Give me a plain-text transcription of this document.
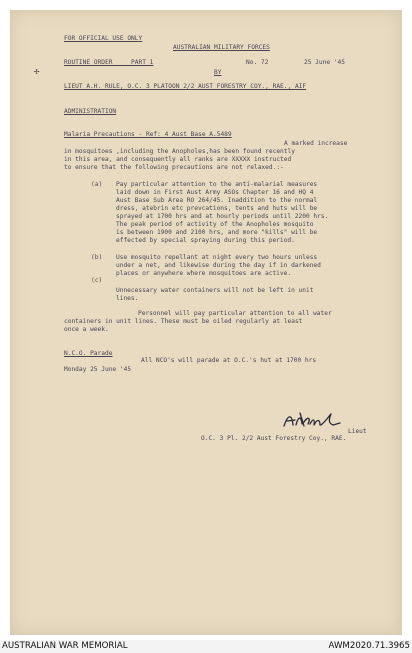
✢
FOR OFFICIAL USE ONLY
AUSTRALIAN MILITARY FORCES
ROUTINE ORDER     PART 1	No. 72	25 June '45
BY
LIEUT A.H. RULE, O.C. 3 PLATOON 2/2 AUST FORESTRY COY., RAE., AIF
ADMINISTRATION
Malaria Precautions - Ref: 4 Aust Base A.5489
A marked increase
in mosquitoes ,including the Anopholes,has been found recently
in this area, and consequently all ranks are XXXXX instructed
to ensure that the following precautions are not relaxed.:-
(a) Pay particular attention to the anti-malarial measures
laid down in First Aust Army ASOs Chapter 16 and HQ 4
Aust Base Sub Area RO 264/45. Inaddition to the normal
dress, atebrin etc prevcations, tents and huts will be
sprayed at 1700 hrs and at hourly periods until 2200 hrs.
The peak period of activity of the Anopholes mosquito
is between 1900 and 2100 hrs, and more "kills" will be
effected by special spraying during this period.
(b) Use mosquito repellant at night every two hours unless
under a net, and likewise during the day if in darkened
places or anywhere where mosquitoes are active.
(c)
Unnecessary water containers will not be left in unit
lines.
Personnel will pay particular attention to all water
containers in unit lines. These must be oiled regularly at least
once a week.
N.C.O. Parade
All NCO's will parade at O.C.'s hut at 1700 hrs
Monday 25 June '45
Lieut
O.C. 3 Pl. 2/2 Aust Forestry Coy., RAE.
AUSTRALIAN WAR MEMORIAL	AWM2020.71.3965
